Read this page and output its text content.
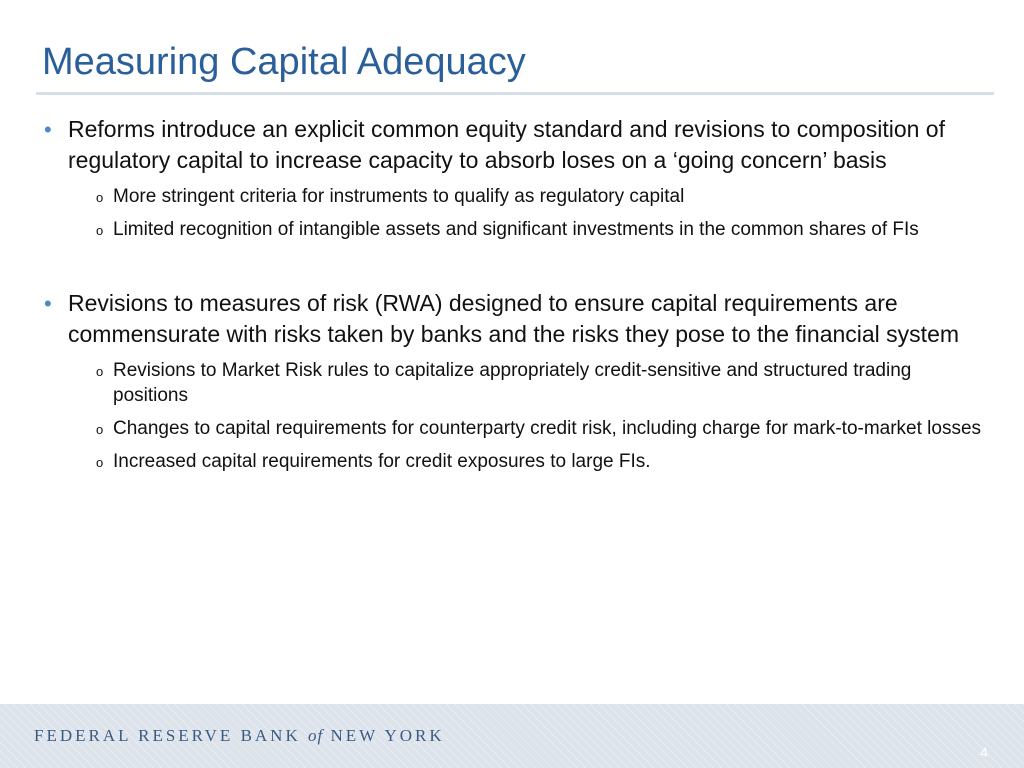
Measuring Capital Adequacy
• Reforms introduce an explicit common equity standard and revisions to composition of regulatory capital to increase capacity to absorb loses on a ‘going concern’ basis
o More stringent criteria for instruments to qualify as regulatory capital
o Limited recognition of intangible assets and significant investments in the common shares of FIs
• Revisions to measures of risk (RWA) designed to ensure capital requirements are commensurate with risks taken by banks and the risks they pose to the financial system
o Revisions to Market Risk rules to capitalize appropriately credit-sensitive and structured trading positions
o Changes to capital requirements for counterparty credit risk, including charge for mark-to-market losses
o Increased capital requirements for credit exposures to large FIs.
FEDERAL RESERVE BANK of NEW YORK
4
